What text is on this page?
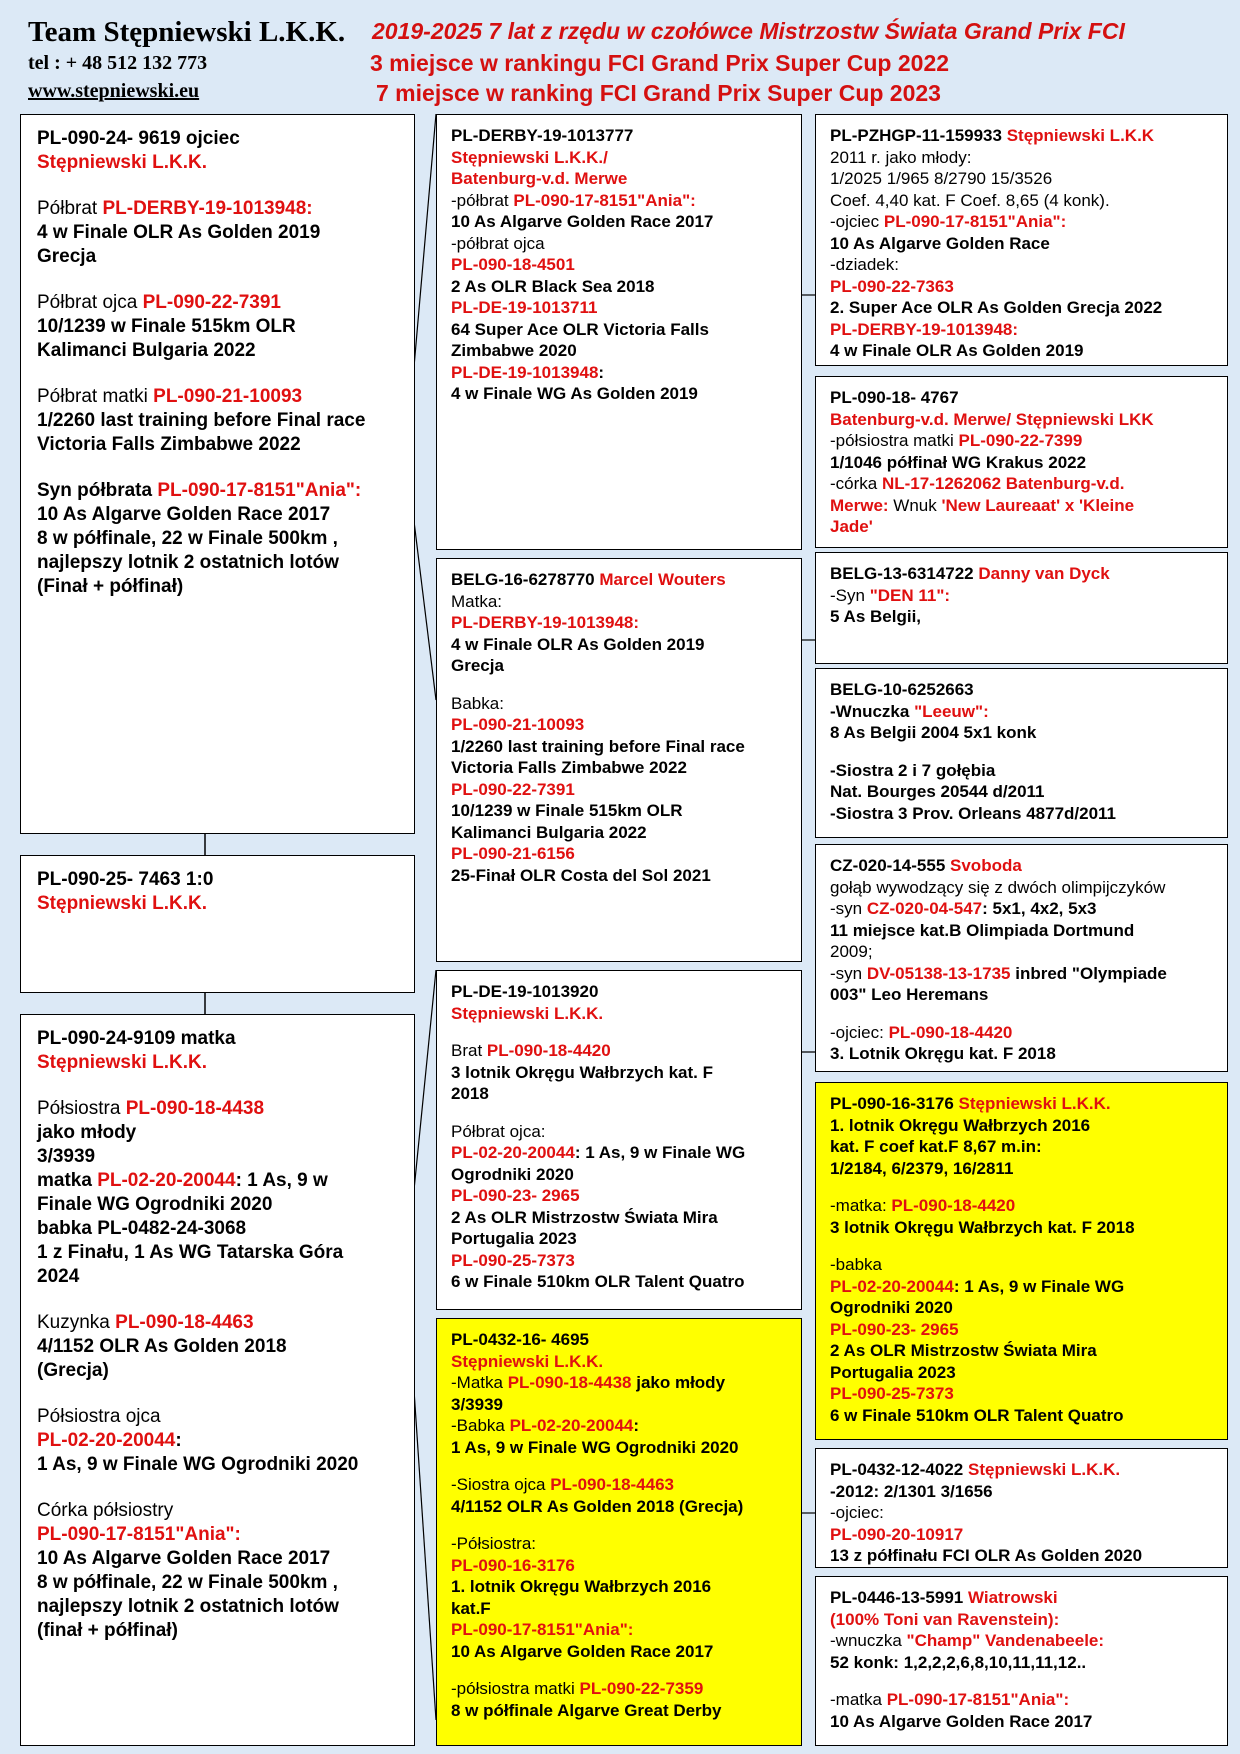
Team Stępniewski L.K.K.
tel : + 48 512 132 773
www.stepniewski.eu
2019-2025 7 lat z rzędu w czołówce Mistrzostw Świata Grand Prix FCI
3 miejsce w rankingu FCI Grand Prix Super Cup 2022
7 miejsce w ranking FCI Grand Prix Super Cup 2023
PL-090-24- 9619 ojciec
Stępniewski L.K.K.
Półbrat PL-DERBY-19-1013948:
4 w Finale OLR As Golden 2019
Grecja
Półbrat ojca PL-090-22-7391
10/1239 w Finale 515km OLR
Kalimanci Bulgaria 2022
Półbrat matki PL-090-21-10093
1/2260 last training before Final race
Victoria Falls Zimbabwe 2022
Syn półbrata PL-090-17-8151"Ania":
10 As Algarve Golden Race 2017
8 w półfinale, 22 w Finale 500km ,
najlepszy lotnik 2 ostatnich lotów
(Finał + półfinał)
PL-090-25- 7463 1:0
Stępniewski L.K.K.
PL-090-24-9109 matka
Stępniewski L.K.K.
Półsiostra PL-090-18-4438
jako młody
3/3939
matka PL-02-20-20044: 1 As, 9 w
Finale WG Ogrodniki 2020
babka PL-0482-24-3068
1 z Finału, 1 As WG Tatarska Góra
2024
Kuzynka PL-090-18-4463
4/1152 OLR As Golden 2018
(Grecja)
Półsiostra ojca
PL-02-20-20044:
1 As, 9 w Finale WG Ogrodniki 2020
Córka półsiostry
PL-090-17-8151"Ania":
10 As Algarve Golden Race 2017
8 w półfinale, 22 w Finale 500km ,
najlepszy lotnik 2 ostatnich lotów
(finał + półfinał)
PL-DERBY-19-1013777
Stępniewski L.K.K./
Batenburg-v.d. Merwe
-półbrat PL-090-17-8151"Ania":
10 As Algarve Golden Race 2017
-półbrat ojca
PL-090-18-4501
2 As OLR Black Sea 2018
PL-DE-19-1013711
64 Super Ace OLR Victoria Falls
Zimbabwe 2020
PL-DE-19-1013948:
4 w Finale WG As Golden 2019
BELG-16-6278770 Marcel Wouters
Matka:
PL-DERBY-19-1013948:
4 w Finale OLR As Golden 2019
Grecja
Babka:
PL-090-21-10093
1/2260 last training before Final race
Victoria Falls Zimbabwe 2022
PL-090-22-7391
10/1239 w Finale 515km OLR
Kalimanci Bulgaria 2022
PL-090-21-6156
25-Finał OLR Costa del Sol 2021
PL-DE-19-1013920
Stępniewski L.K.K.
Brat PL-090-18-4420
3 lotnik Okręgu Wałbrzych kat. F
2018
Półbrat ojca:
PL-02-20-20044: 1 As, 9 w Finale WG
Ogrodniki 2020
PL-090-23- 2965
2 As OLR Mistrzostw Świata Mira
Portugalia 2023
PL-090-25-7373
6 w Finale 510km OLR Talent Quatro
PL-0432-16- 4695
Stępniewski L.K.K.
-Matka PL-090-18-4438 jako młody
3/3939
-Babka PL-02-20-20044:
1 As, 9 w Finale WG Ogrodniki 2020
-Siostra ojca PL-090-18-4463
4/1152 OLR As Golden 2018 (Grecja)
-Półsiostra:
PL-090-16-3176
1. lotnik Okręgu Wałbrzych 2016
kat.F
PL-090-17-8151"Ania":
10 As Algarve Golden Race 2017
-półsiostra matki PL-090-22-7359
8 w półfinale Algarve Great Derby
PL-PZHGP-11-159933 Stępniewski L.K.K
2011 r. jako młody:
1/2025 1/965 8/2790 15/3526
Coef. 4,40 kat. F Coef. 8,65 (4 konk).
-ojciec PL-090-17-8151"Ania":
10 As Algarve Golden Race
-dziadek:
PL-090-22-7363
2. Super Ace OLR As Golden Grecja 2022
PL-DERBY-19-1013948:
4 w Finale OLR As Golden 2019
PL-090-18- 4767
Batenburg-v.d. Merwe/ Stępniewski LKK
-półsiostra matki PL-090-22-7399
1/1046 półfinał WG Krakus 2022
-córka NL-17-1262062 Batenburg-v.d.
Merwe: Wnuk 'New Laureaat' x 'Kleine
Jade'
BELG-13-6314722 Danny van Dyck
-Syn "DEN 11":
5 As Belgii,
BELG-10-6252663
-Wnuczka "Leeuw":
8 As Belgii 2004 5x1 konk
-Siostra 2 i 7 gołębia
Nat. Bourges 20544 d/2011
-Siostra 3 Prov. Orleans 4877d/2011
CZ-020-14-555 Svoboda
gołąb wywodzący się z dwóch olimpijczyków
-syn CZ-020-04-547: 5x1, 4x2, 5x3
11 miejsce kat.B Olimpiada Dortmund
2009;
-syn DV-05138-13-1735 inbred "Olympiade
003" Leo Heremans
-ojciec: PL-090-18-4420
3. Lotnik Okręgu kat. F 2018
PL-090-16-3176 Stępniewski L.K.K.
1. lotnik Okręgu Wałbrzych 2016
kat. F coef kat.F 8,67 m.in:
1/2184, 6/2379, 16/2811
-matka: PL-090-18-4420
3 lotnik Okręgu Wałbrzych kat. F 2018
-babka
PL-02-20-20044: 1 As, 9 w Finale WG
Ogrodniki 2020
PL-090-23- 2965
2 As OLR Mistrzostw Świata Mira
Portugalia 2023
PL-090-25-7373
6 w Finale 510km OLR Talent Quatro
PL-0432-12-4022 Stępniewski L.K.K.
-2012: 2/1301 3/1656
-ojciec:
PL-090-20-10917
13 z półfinału FCI OLR As Golden 2020
PL-0446-13-5991 Wiatrowski
(100% Toni van Ravenstein):
-wnuczka "Champ" Vandenabeele:
52 konk: 1,2,2,2,6,8,10,11,11,12..
-matka PL-090-17-8151"Ania":
10 As Algarve Golden Race 2017
